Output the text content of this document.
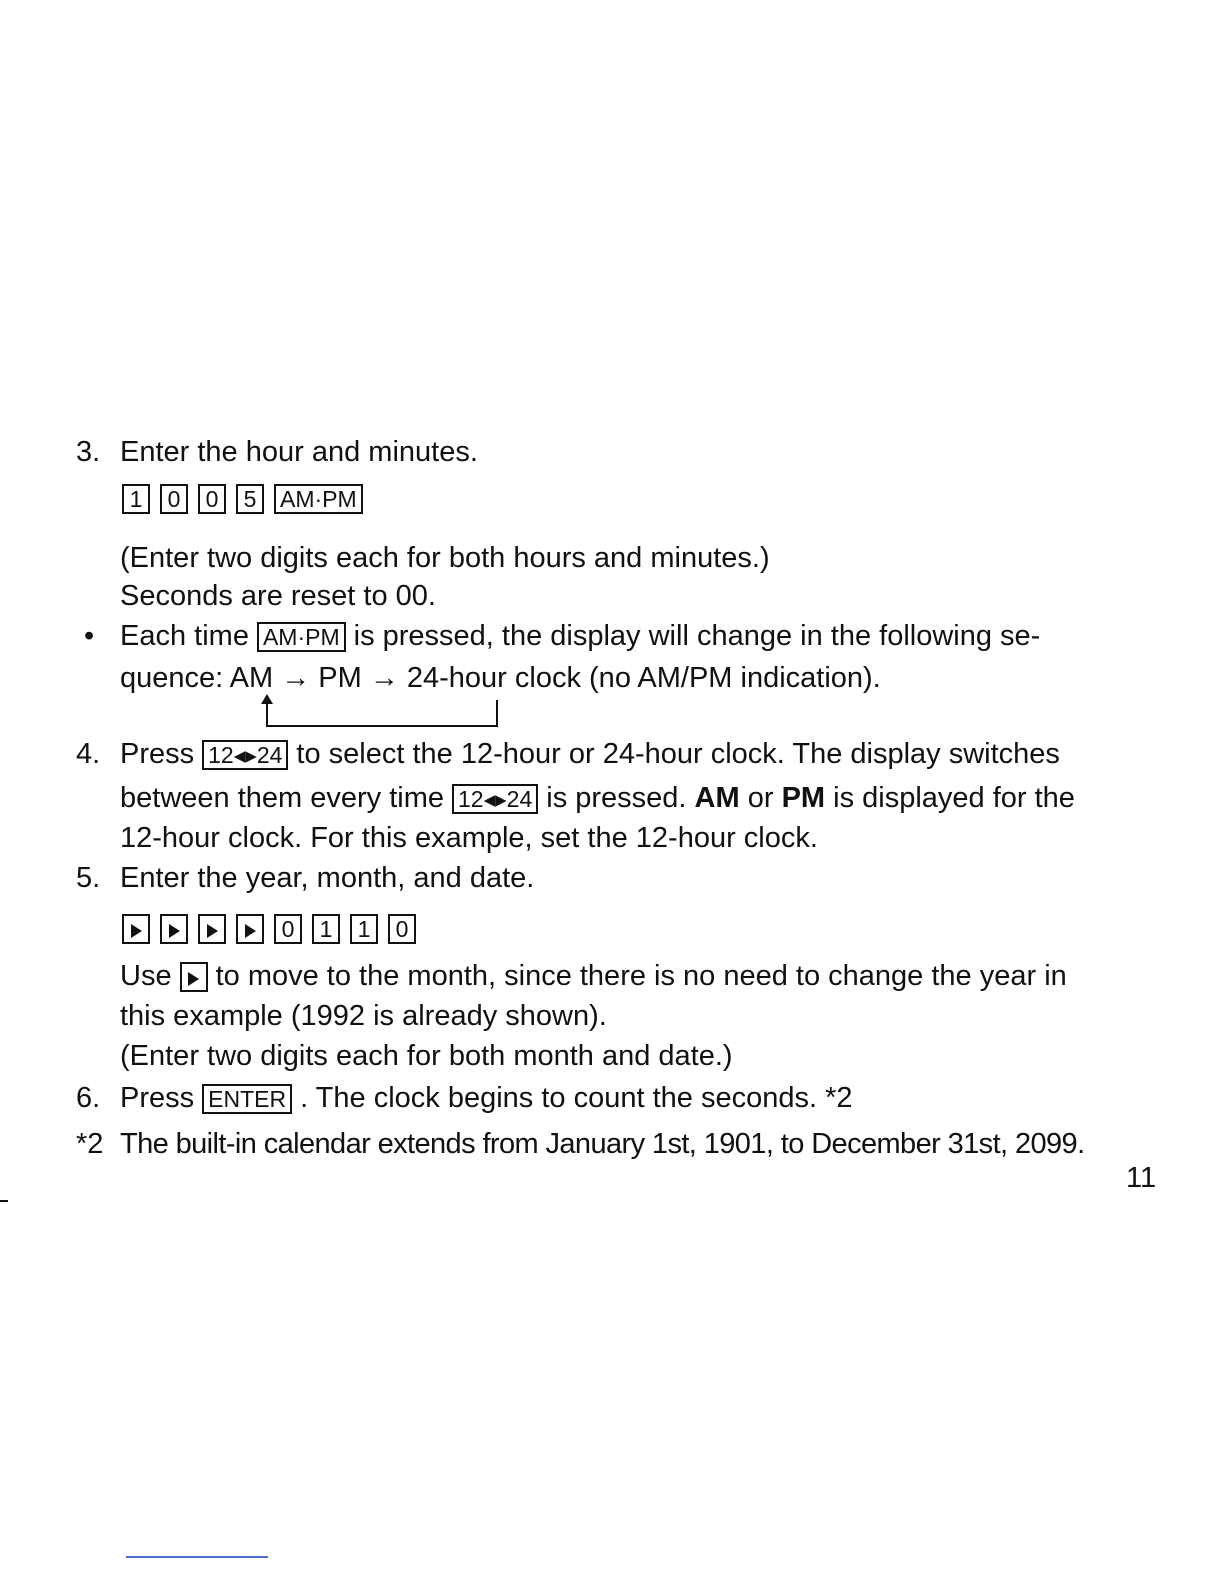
3. Enter the hour and minutes.
1 0 0 5 AM·PM
(Enter two digits each for both hours and minutes.)
Seconds are reset to 00.
• Each time AM·PM is pressed, the display will change in the following se-
quence: AM → PM → 24-hour clock (no AM/PM indication).
4. Press 12◂▸24 to select the 12-hour or 24-hour clock. The display switches
between them every time 12◂▸24 is pressed. AM or PM is displayed for the
12-hour clock. For this example, set the 12-hour clock.
5. Enter the year, month, and date.
0 1 1 0
Use to move to the month, since there is no need to change the year in
this example (1992 is already shown).
(Enter two digits each for both month and date.)
6. Press ENTER . The clock begins to count the seconds. *2
*2 The built-in calendar extends from January 1st, 1901, to December 31st, 2099.
11
